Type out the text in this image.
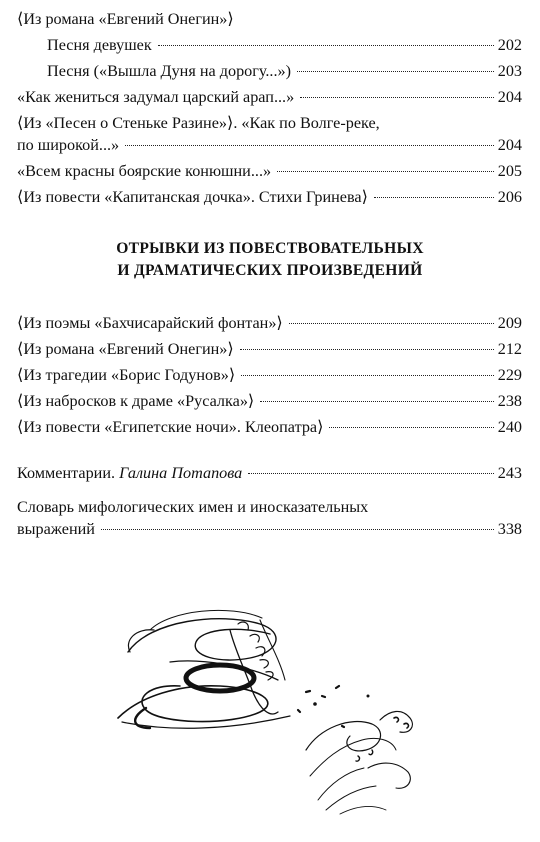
⟨Из романа «Евгений Онегин»⟩
Песня девушек	202
Песня («Вышла Дуня на дорогу...»)	203
«Как жениться задумал царский арап...»	204
⟨Из «Песен о Стеньке Разине»⟩. «Как по Волге-реке,
по широкой...»	204
«Всем красны боярские конюшни...»	205
⟨Из повести «Капитанская дочка». Стихи Гринева⟩	206
ОТРЫВКИ ИЗ ПОВЕСТВОВАТЕЛЬНЫХ
И ДРАМАТИЧЕСКИХ ПРОИЗВЕДЕНИЙ
⟨Из поэмы «Бахчисарайский фонтан»⟩	209
⟨Из романа «Евгений Онегин»⟩	212
⟨Из трагедии «Борис Годунов»⟩	229
⟨Из набросков к драме «Русалка»⟩	238
⟨Из повести «Египетские ночи». Клеопатра⟩	240
Комментарии. Галина Потапова	243
Словарь мифологических имен и иносказательных
выражений	338
